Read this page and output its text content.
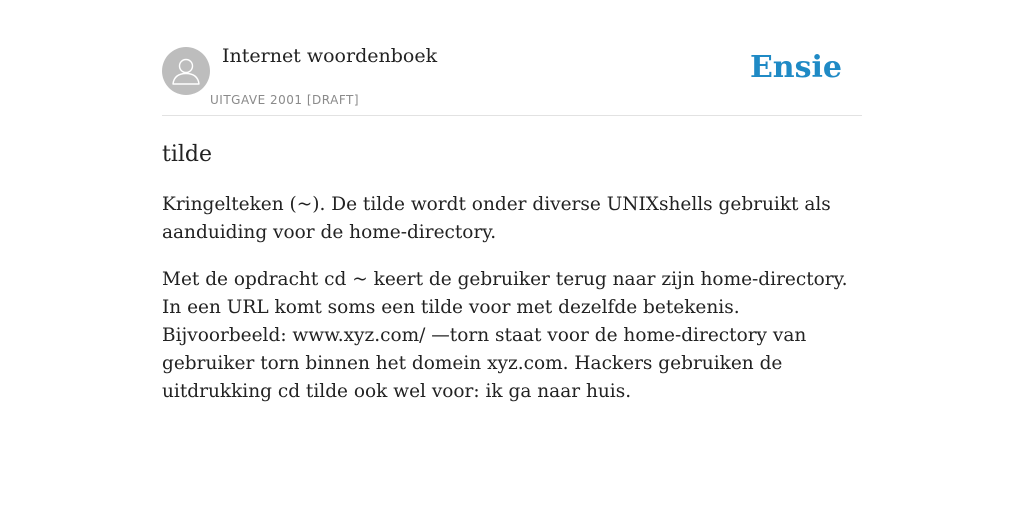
Internet woordenboek
UITGAVE 2001 [DRAFT]
Ensie
tilde

Kringelteken (~). De tilde wordt onder diverse UNIXshells gebruikt als aanduiding voor de home-directory.

Met de opdracht cd ~ keert de gebruiker terug naar zijn home-directory. In een URL komt soms een tilde voor met dezelfde betekenis. Bijvoorbeeld: www.xyz.com/ —torn staat voor de home-directory van gebruiker torn binnen het domein xyz.com. Hackers gebruiken de uitdrukking cd tilde ook wel voor: ik ga naar huis.
